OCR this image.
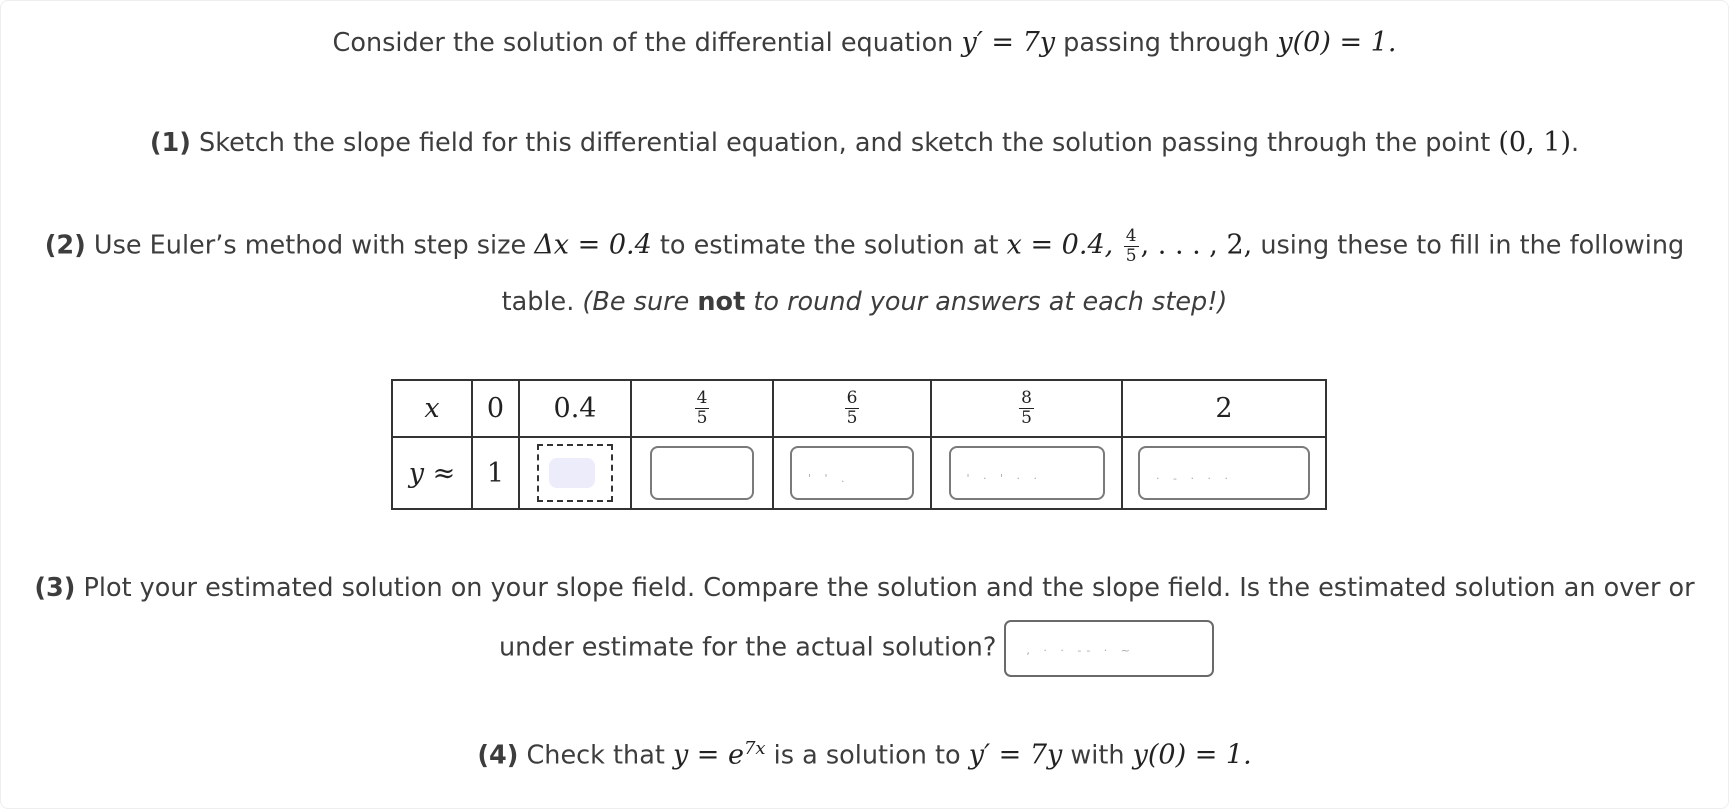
Consider the solution of the differential equation y′ = 7y passing through y(0) = 1.
(1) Sketch the slope field for this differential equation, and sketch the solution passing through the point (0, 1).
(2) Use Euler’s method with step size Δx = 0.4 to estimate the solution at x = 0.4, $\frac{4}{5}$ , . . . , 2, using these to fill in the following
table. (Be sure not to round your answers at each step!)
x	0	0.4	$\frac{4}{5}$	$\frac{6}{5}$	$\frac{8}{5}$	2
y ≈	1			' ' .	' · ' · ·	· - · · ·
(3) Plot your estimated solution on your slope field. Compare the solution and the slope field. Is the estimated solution an over or
under estimate for the actual solution?	, · · -- · ~
(4) Check that $y = e^{7x}$ is a solution to y′ = 7y with y(0) = 1.
